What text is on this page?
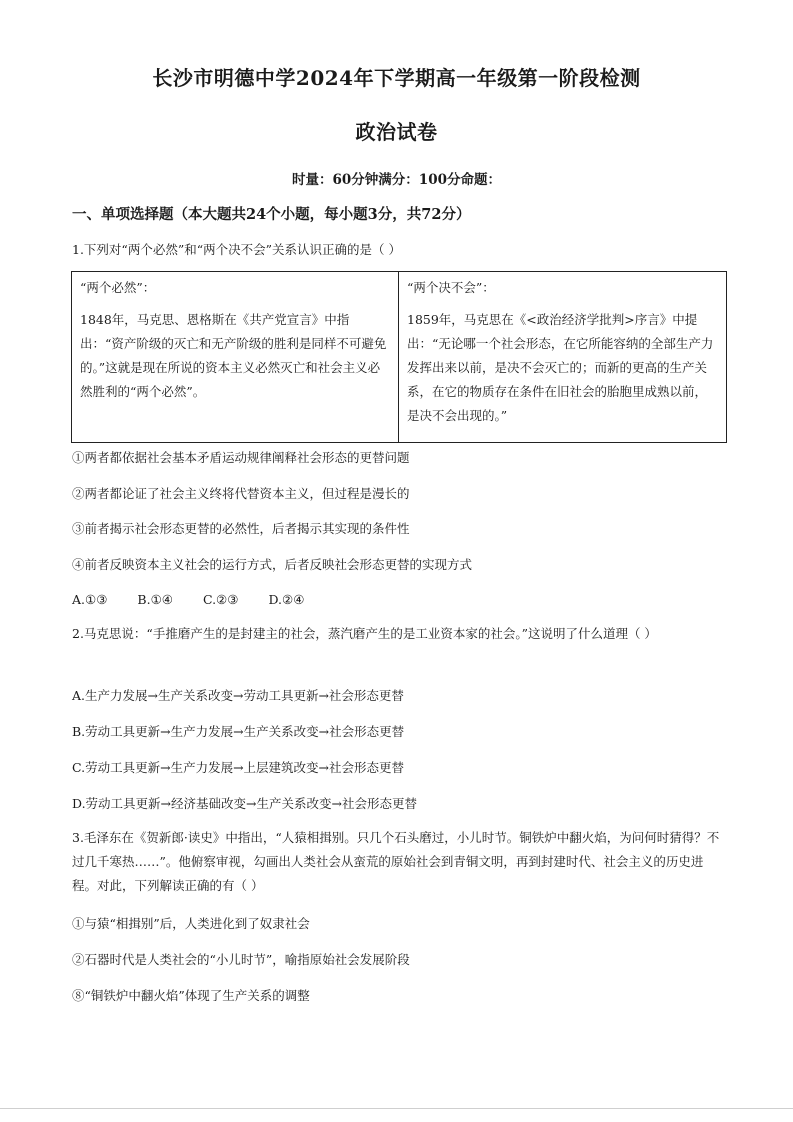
长沙市明德中学2024年下学期高一年级第一阶段检测
政治试卷
时量：60分钟满分：100分命题：
一、单项选择题（本大题共24个小题，每小题3分，共72分）
1.下列对“两个必然”和“两个决不会”关系认识正确的是（ ）
“两个必然”：
1848年，马克思、恩格斯在《共产党宣言》中指出：“资产阶级的灭亡和无产阶级的胜利是同样不可避免的。”这就是现在所说的资本主义必然灭亡和社会主义必然胜利的“两个必然”。

“两个决不会”：
1859年，马克思在《<政治经济学批判>序言》中提出：“无论哪一个社会形态，在它所能容纳的全部生产力发挥出来以前，是决不会灭亡的；而新的更高的生产关系，在它的物质存在条件在旧社会的胎胞里成熟以前，是决不会出现的。”
①两者都依据社会基本矛盾运动规律阐释社会形态的更替问题
②两者都论证了社会主义终将代替资本主义，但过程是漫长的
③前者揭示社会形态更替的必然性，后者揭示其实现的条件性
④前者反映资本主义社会的运行方式，后者反映社会形态更替的实现方式
A.①③ B.①④ C.②③ D.②④
2.马克思说：“手推磨产生的是封建主的社会，蒸汽磨产生的是工业资本家的社会。”这说明了什么道理（ ）
A.生产力发展→生产关系改变→劳动工具更新→社会形态更替
B.劳动工具更新→生产力发展→生产关系改变→社会形态更替
C.劳动工具更新→生产力发展→上层建筑改变→社会形态更替
D.劳动工具更新→经济基础改变→生产关系改变→社会形态更替
3.毛泽东在《贺新郎·读史》中指出，“人猿相揖别。只几个石头磨过，小儿时节。铜铁炉中翻火焰，为问何时猜得？不过几千寒热……”。他俯察审视，勾画出人类社会从蛮荒的原始社会到青铜文明，再到封建时代、社会主义的历史进程。对此，下列解读正确的有（ ）
①与猿“相揖别”后，人类进化到了奴隶社会
②石器时代是人类社会的“小儿时节”，喻指原始社会发展阶段
⑧“铜铁炉中翻火焰”体现了生产关系的调整
